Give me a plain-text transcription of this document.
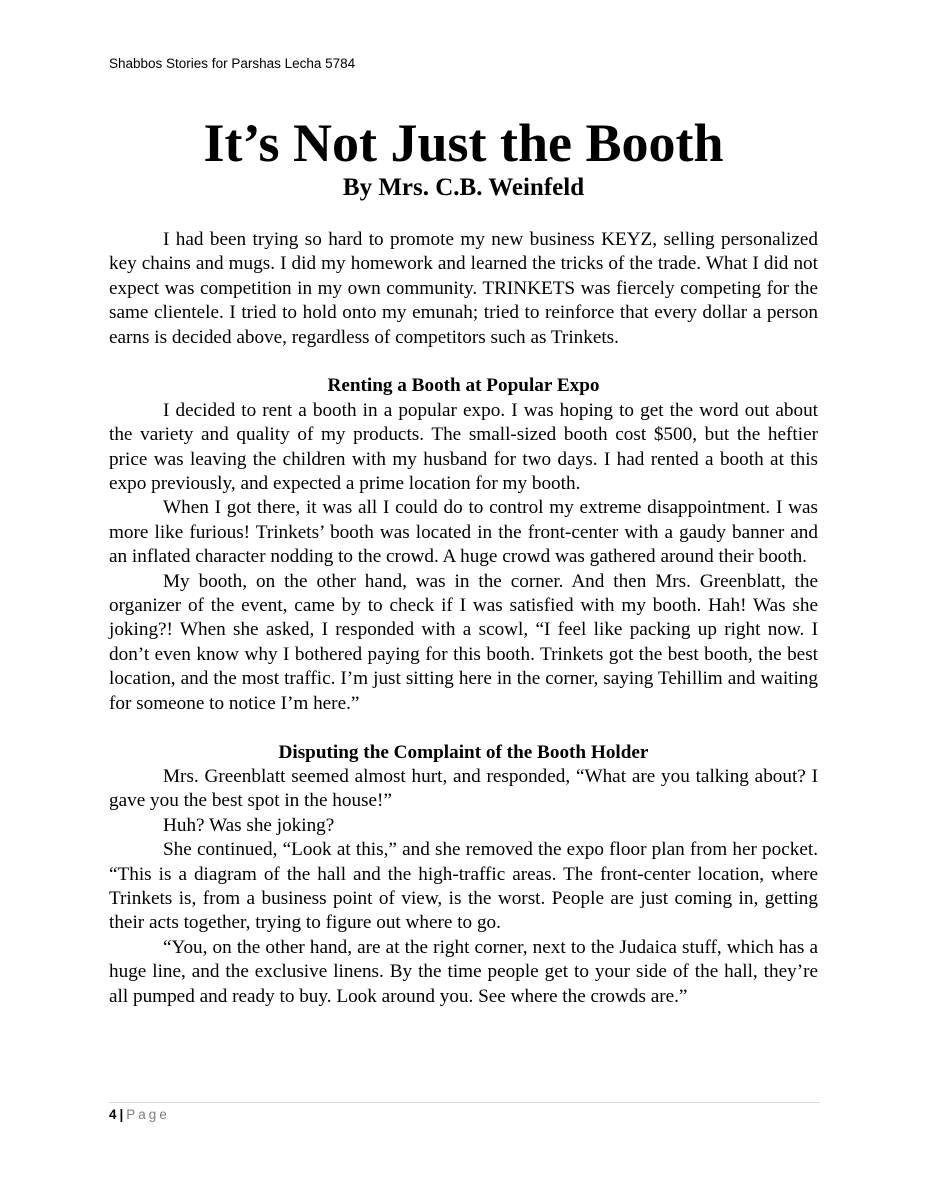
Shabbos Stories for Parshas Lecha 5784
It’s Not Just the Booth
By Mrs. C.B. Weinfeld

I had been trying so hard to promote my new business KEYZ, selling personalized key chains and mugs. I did my homework and learned the tricks of the trade. What I did not expect was competition in my own community. TRINKETS was fiercely competing for the same clientele. I tried to hold onto my emunah; tried to reinforce that every dollar a person earns is decided above, regardless of competitors such as Trinkets.

Renting a Booth at Popular Expo

I decided to rent a booth in a popular expo. I was hoping to get the word out about the variety and quality of my products. The small-sized booth cost $500, but the heftier price was leaving the children with my husband for two days. I had rented a booth at this expo previously, and expected a prime location for my booth.

When I got there, it was all I could do to control my extreme disappointment. I was more like furious! Trinkets’ booth was located in the front-center with a gaudy banner and an inflated character nodding to the crowd. A huge crowd was gathered around their booth.

My booth, on the other hand, was in the corner. And then Mrs. Greenblatt, the organizer of the event, came by to check if I was satisfied with my booth. Hah! Was she joking?! When she asked, I responded with a scowl, “I feel like packing up right now. I don’t even know why I bothered paying for this booth. Trinkets got the best booth, the best location, and the most traffic. I’m just sitting here in the corner, saying Tehillim and waiting for someone to notice I’m here.”

Disputing the Complaint of the Booth Holder

Mrs. Greenblatt seemed almost hurt, and responded, “What are you talking about? I gave you the best spot in the house!”

Huh? Was she joking?

She continued, “Look at this,” and she removed the expo floor plan from her pocket. “This is a diagram of the hall and the high-traffic areas. The front-center location, where Trinkets is, from a business point of view, is the worst. People are just coming in, getting their acts together, trying to figure out where to go.

“You, on the other hand, are at the right corner, next to the Judaica stuff, which has a huge line, and the exclusive linens. By the time people get to your side of the hall, they’re all pumped and ready to buy. Look around you. See where the crowds are.”

4 | Page
